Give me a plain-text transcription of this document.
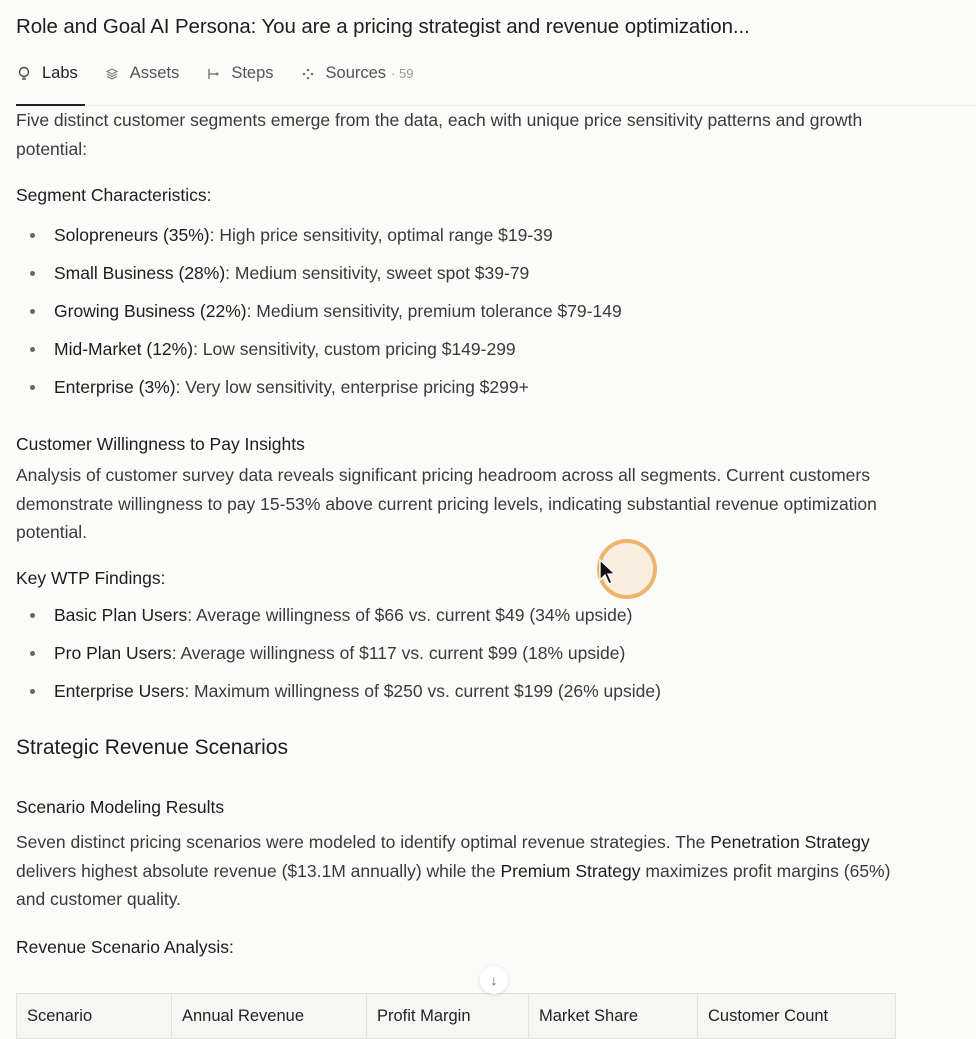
Role and Goal AI Persona: You are a pricing strategist and revenue optimization...
Labs	Assets	Steps	Sources · 59

Five distinct customer segments emerge from the data, each with unique price sensitivity patterns and growth potential:

Segment Characteristics:

Solopreneurs (35%): High price sensitivity, optimal range $19-39
Small Business (28%): Medium sensitivity, sweet spot $39-79
Growing Business (22%): Medium sensitivity, premium tolerance $79-149
Mid-Market (12%): Low sensitivity, custom pricing $149-299
Enterprise (3%): Very low sensitivity, enterprise pricing $299+

Customer Willingness to Pay Insights

Analysis of customer survey data reveals significant pricing headroom across all segments. Current customers demonstrate willingness to pay 15-53% above current pricing levels, indicating substantial revenue optimization potential.

Key WTP Findings:

Basic Plan Users: Average willingness of $66 vs. current $49 (34% upside)
Pro Plan Users: Average willingness of $117 vs. current $99 (18% upside)
Enterprise Users: Maximum willingness of $250 vs. current $199 (26% upside)

Strategic Revenue Scenarios

Scenario Modeling Results

Seven distinct pricing scenarios were modeled to identify optimal revenue strategies. The Penetration Strategy delivers highest absolute revenue ($13.1M annually) while the Premium Strategy maximizes profit margins (65%) and customer quality.

Revenue Scenario Analysis:

Scenario	Annual Revenue	Profit Margin	Market Share	Customer Count
↓
